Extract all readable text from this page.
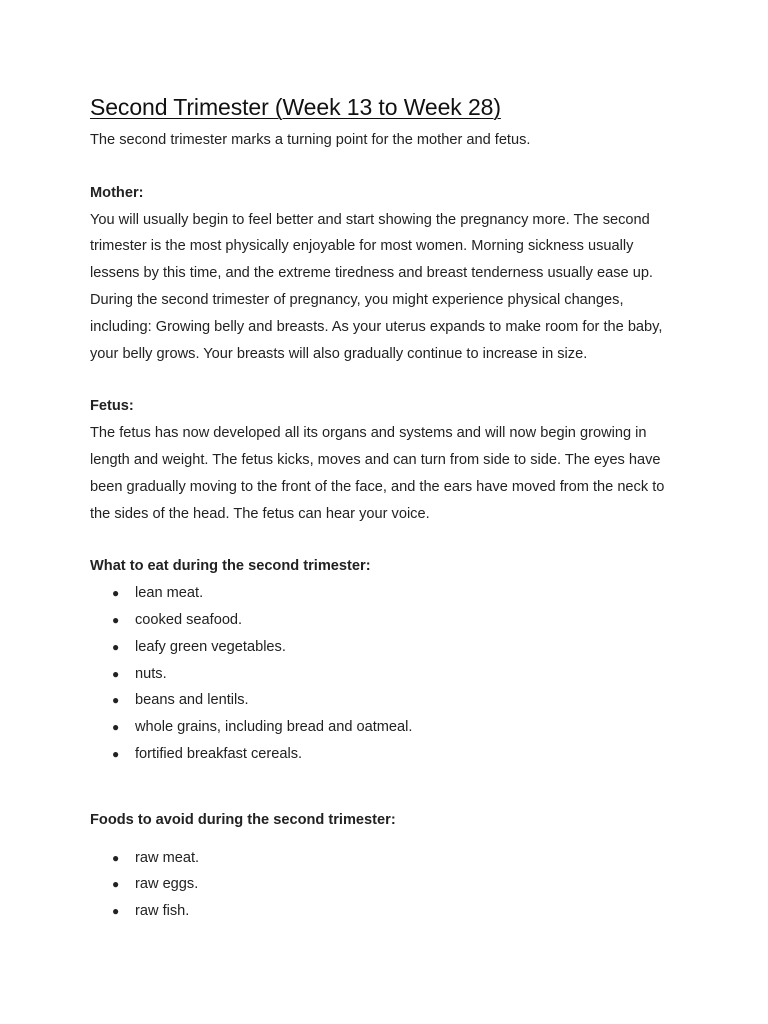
Second Trimester (Week 13 to Week 28)

The second trimester marks a turning point for the mother and fetus.

Mother:

You will usually begin to feel better and start showing the pregnancy more. The second trimester is the most physically enjoyable for most women. Morning sickness usually lessens by this time, and the extreme tiredness and breast tenderness usually ease up. During the second trimester of pregnancy, you might experience physical changes, including: Growing belly and breasts. As your uterus expands to make room for the baby, your belly grows. Your breasts will also gradually continue to increase in size.

Fetus:

The fetus has now developed all its organs and systems and will now begin growing in length and weight. The fetus kicks, moves and can turn from side to side. The eyes have been gradually moving to the front of the face, and the ears have moved from the neck to the sides of the head. The fetus can hear your voice.

What to eat during the second trimester:

● lean meat.
● cooked seafood.
● leafy green vegetables.
● nuts.
● beans and lentils.
● whole grains, including bread and oatmeal.
● fortified breakfast cereals.

Foods to avoid during the second trimester:

● raw meat.
● raw eggs.
● raw fish.
